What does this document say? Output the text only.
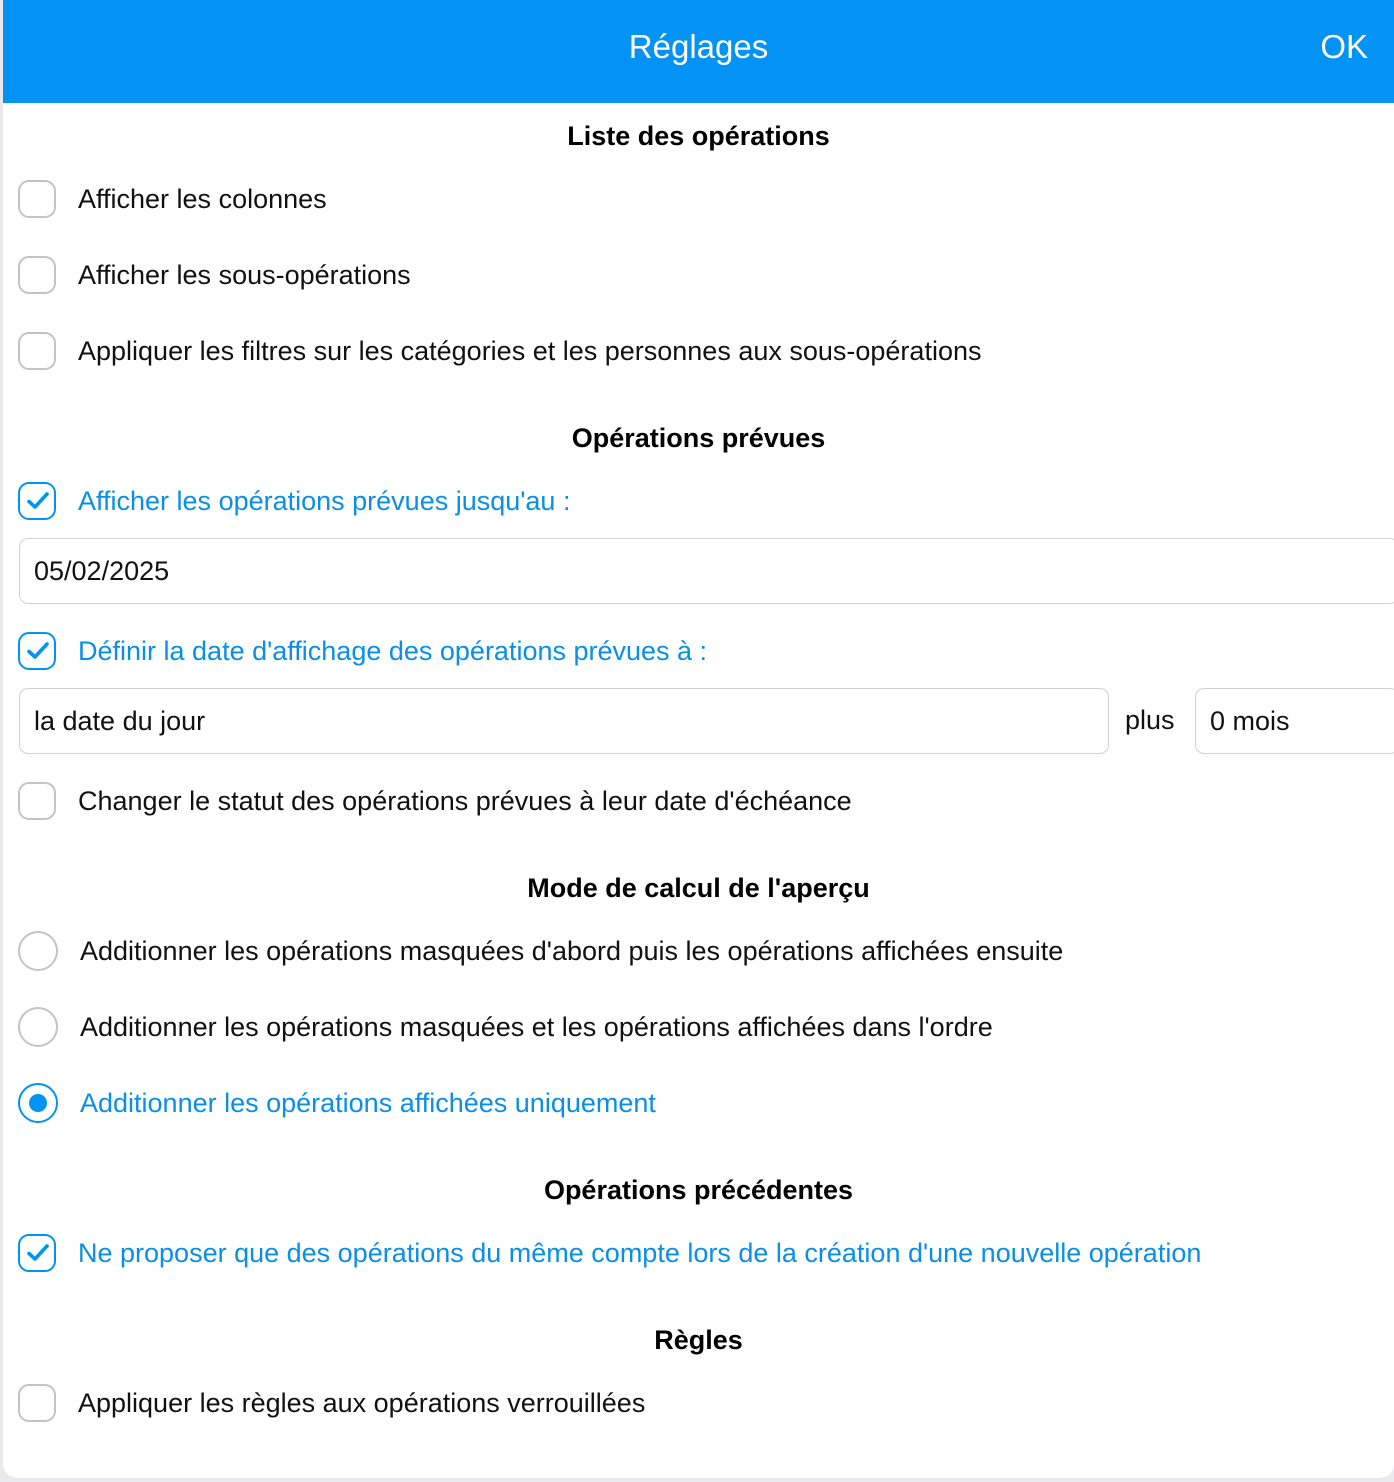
Réglages	OK
Liste des opérations
Afficher les colonnes
Afficher les sous-opérations
Appliquer les filtres sur les catégories et les personnes aux sous-opérations
Opérations prévues
Afficher les opérations prévues jusqu'au :
05/02/2025
Définir la date d'affichage des opérations prévues à :
la date du jour	plus	0 mois
Changer le statut des opérations prévues à leur date d'échéance
Mode de calcul de l'aperçu
Additionner les opérations masquées d'abord puis les opérations affichées ensuite
Additionner les opérations masquées et les opérations affichées dans l'ordre
Additionner les opérations affichées uniquement
Opérations précédentes
Ne proposer que des opérations du même compte lors de la création d'une nouvelle opération
Règles
Appliquer les règles aux opérations verrouillées
